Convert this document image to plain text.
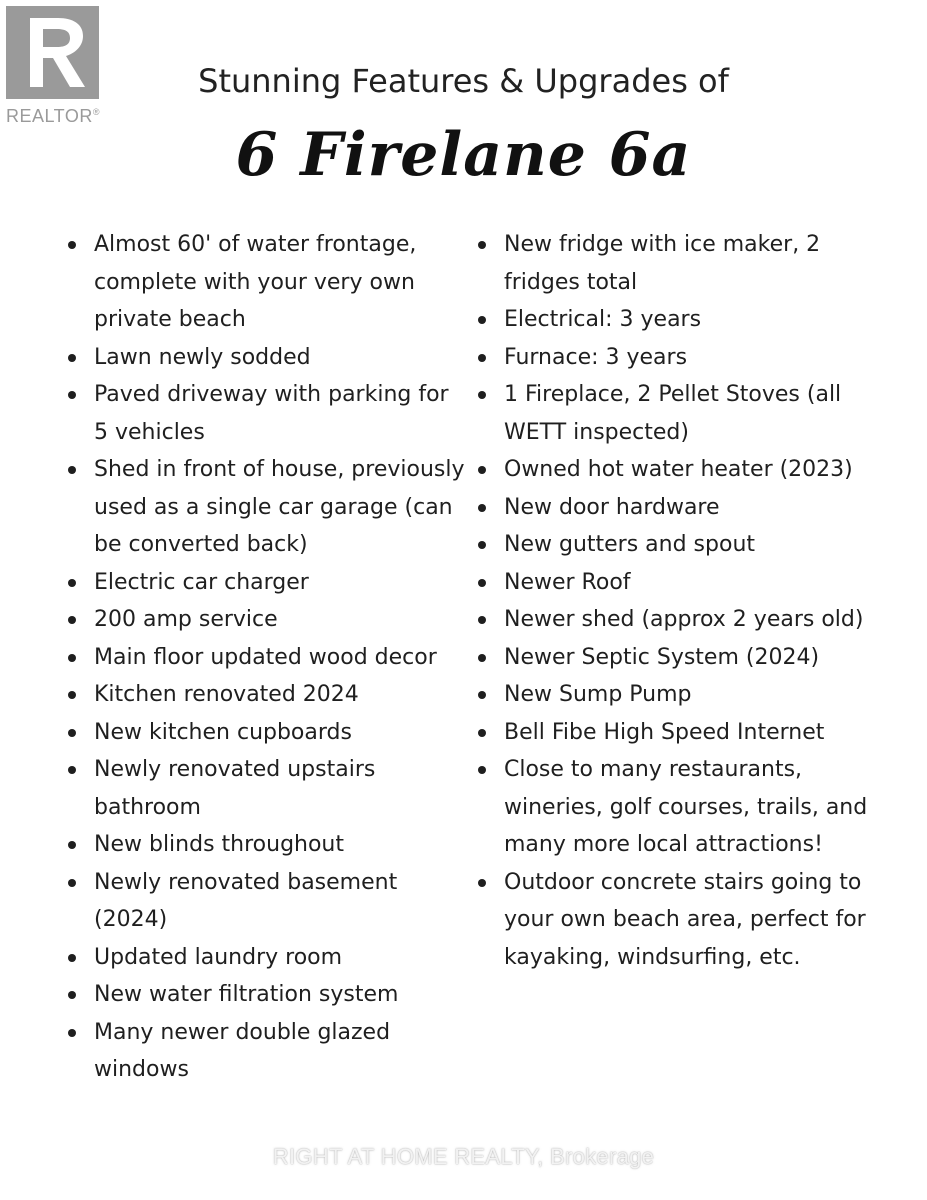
REALTOR®
Stunning Features & Upgrades of
6 Firelane 6a
Almost 60' of water frontage, complete with your very own private beach
Lawn newly sodded
Paved driveway with parking for 5 vehicles
Shed in front of house, previously used as a single car garage (can be converted back)
Electric car charger
200 amp service
Main floor updated wood decor
Kitchen renovated 2024
New kitchen cupboards
Newly renovated upstairs bathroom
New blinds throughout
Newly renovated basement (2024)
Updated laundry room
New water filtration system
Many newer double glazed windows
New fridge with ice maker, 2 fridges total
Electrical: 3 years
Furnace: 3 years
1 Fireplace, 2 Pellet Stoves (all WETT inspected)
Owned hot water heater (2023)
New door hardware
New gutters and spout
Newer Roof
Newer shed (approx 2 years old)
Newer Septic System (2024)
New Sump Pump
Bell Fibe High Speed Internet
Close to many restaurants, wineries, golf courses, trails, and many more local attractions!
Outdoor concrete stairs going to your own beach area, perfect for kayaking, windsurfing, etc.
RIGHT AT HOME REALTY, Brokerage
